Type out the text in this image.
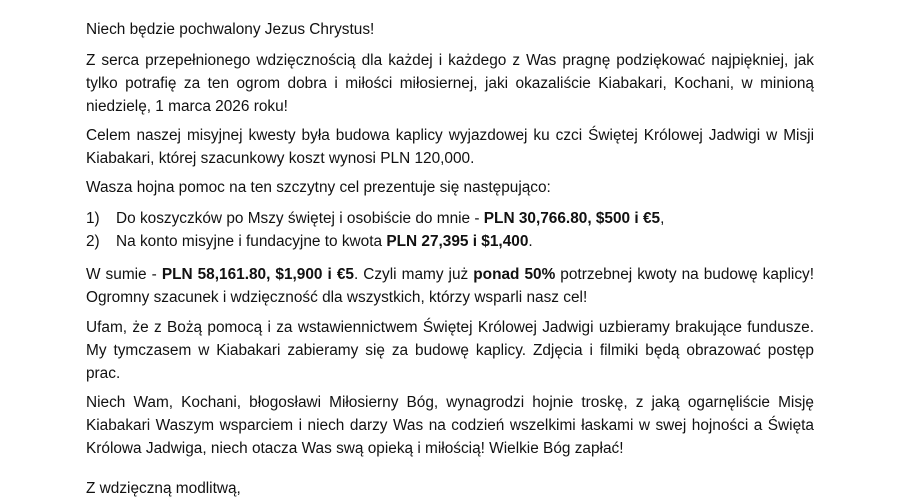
Niech będzie pochwalony Jezus Chrystus!

Z serca przepełnionego wdzięcznością dla każdej i każdego z Was pragnę podziękować najpiękniej, jak tylko potrafię za ten ogrom dobra i miłości miłosiernej, jaki okazaliście Kiabakari, Kochani, w minioną niedzielę, 1 marca 2026 roku!

Celem naszej misyjnej kwesty była budowa kaplicy wyjazdowej ku czci Świętej Królowej Jadwigi w Misji Kiabakari, której szacunkowy koszt wynosi PLN 120,000.

Wasza hojna pomoc na ten szczytny cel prezentuje się następująco:

1)	Do koszyczków po Mszy świętej i osobiście do mnie - PLN 30,766.80, $500 i €5,
2)	Na konto misyjne i fundacyjne to kwota PLN 27,395 i $1,400.

W sumie - PLN 58,161.80, $1,900 i €5. Czyli mamy już ponad 50% potrzebnej kwoty na budowę kaplicy! Ogromny szacunek i wdzięczność dla wszystkich, którzy wsparli nasz cel!

Ufam, że z Bożą pomocą i za wstawiennictwem Świętej Królowej Jadwigi uzbieramy brakujące fundusze. My tymczasem w Kiabakari zabieramy się za budowę kaplicy. Zdjęcia i filmiki będą obrazować postęp prac.

Niech Wam, Kochani, błogosławi Miłosierny Bóg, wynagrodzi hojnie troskę, z jaką ogarnęliście Misję Kiabakari Waszym wsparciem i niech darzy Was na codzień wszelkimi łaskami w swej hojności a Święta Królowa Jadwiga, niech otacza Was swą opieką i miłością! Wielkie Bóg zapłać!

Z wdzięczną modlitwą,
